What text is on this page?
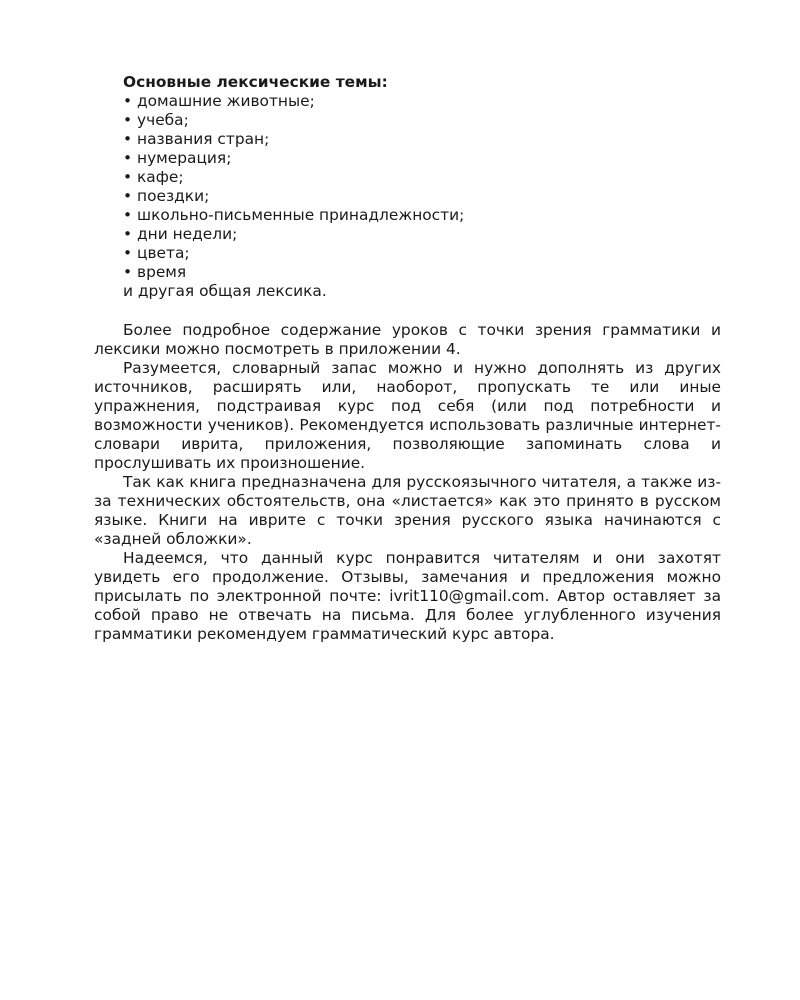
Основные лексические темы:

• домашние животные;
• учеба;
• названия стран;
• нумерация;
• кафе;
• поездки;
• школьно-письменные принадлежности;
• дни недели;
• цвета;
• время

и другая общая лексика.

Более подробное содержание уроков с точки зрения грамматики и лексики можно посмотреть в приложении 4.

Разумеется, словарный запас можно и нужно дополнять из других источников, расширять или, наоборот, пропускать те или иные упражнения, подстраивая курс под себя (или под потребности и возможности учеников). Рекомендуется использовать различные интернет-словари иврита, приложения, позволяющие запоминать слова и прослушивать их произношение.

Так как книга предназначена для русскоязычного читателя, а также из-за технических обстоятельств, она «листается» как это принято в русском языке. Книги на иврите с точки зрения русского языка начинаются с «задней обложки».

Надеемся, что данный курс понравится читателям и они захотят увидеть его продолжение. Отзывы, замечания и предложения можно присылать по электронной почте: ivrit110@gmail.com. Автор оставляет за собой право не отвечать на письма. Для более углубленного изучения грамматики рекомендуем грамматический курс автора.
